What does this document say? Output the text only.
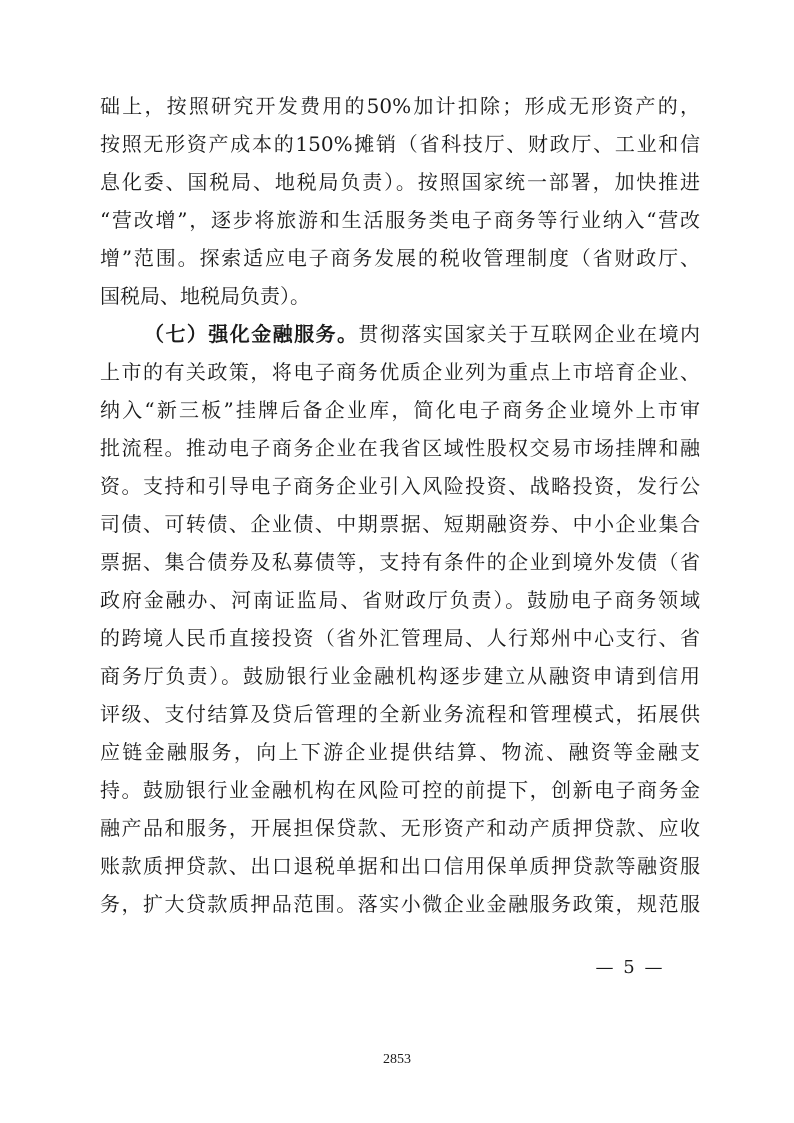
础上，按照研究开发费用的50%加计扣除；形成无形资产的，
按照无形资产成本的150%摊销（省科技厅、财政厅、工业和信
息化委、国税局、地税局负责）。按照国家统一部署，加快推进
“营改增”，逐步将旅游和生活服务类电子商务等行业纳入“营改
增”范围。探索适应电子商务发展的税收管理制度（省财政厅、
国税局、地税局负责）。
（七）强化金融服务。贯彻落实国家关于互联网企业在境内
上市的有关政策，将电子商务优质企业列为重点上市培育企业、
纳入“新三板”挂牌后备企业库，简化电子商务企业境外上市审
批流程。推动电子商务企业在我省区域性股权交易市场挂牌和融
资。支持和引导电子商务企业引入风险投资、战略投资，发行公
司债、可转债、企业债、中期票据、短期融资券、中小企业集合
票据、集合债券及私募债等，支持有条件的企业到境外发债（省
政府金融办、河南证监局、省财政厅负责）。鼓励电子商务领域
的跨境人民币直接投资（省外汇管理局、人行郑州中心支行、省
商务厅负责）。鼓励银行业金融机构逐步建立从融资申请到信用
评级、支付结算及贷后管理的全新业务流程和管理模式，拓展供
应链金融服务，向上下游企业提供结算、物流、融资等金融支
持。鼓励银行业金融机构在风险可控的前提下，创新电子商务金
融产品和服务，开展担保贷款、无形资产和动产质押贷款、应收
账款质押贷款、出口退税单据和出口信用保单质押贷款等融资服
务，扩大贷款质押品范围。落实小微企业金融服务政策，规范服
— 5 —
2853
